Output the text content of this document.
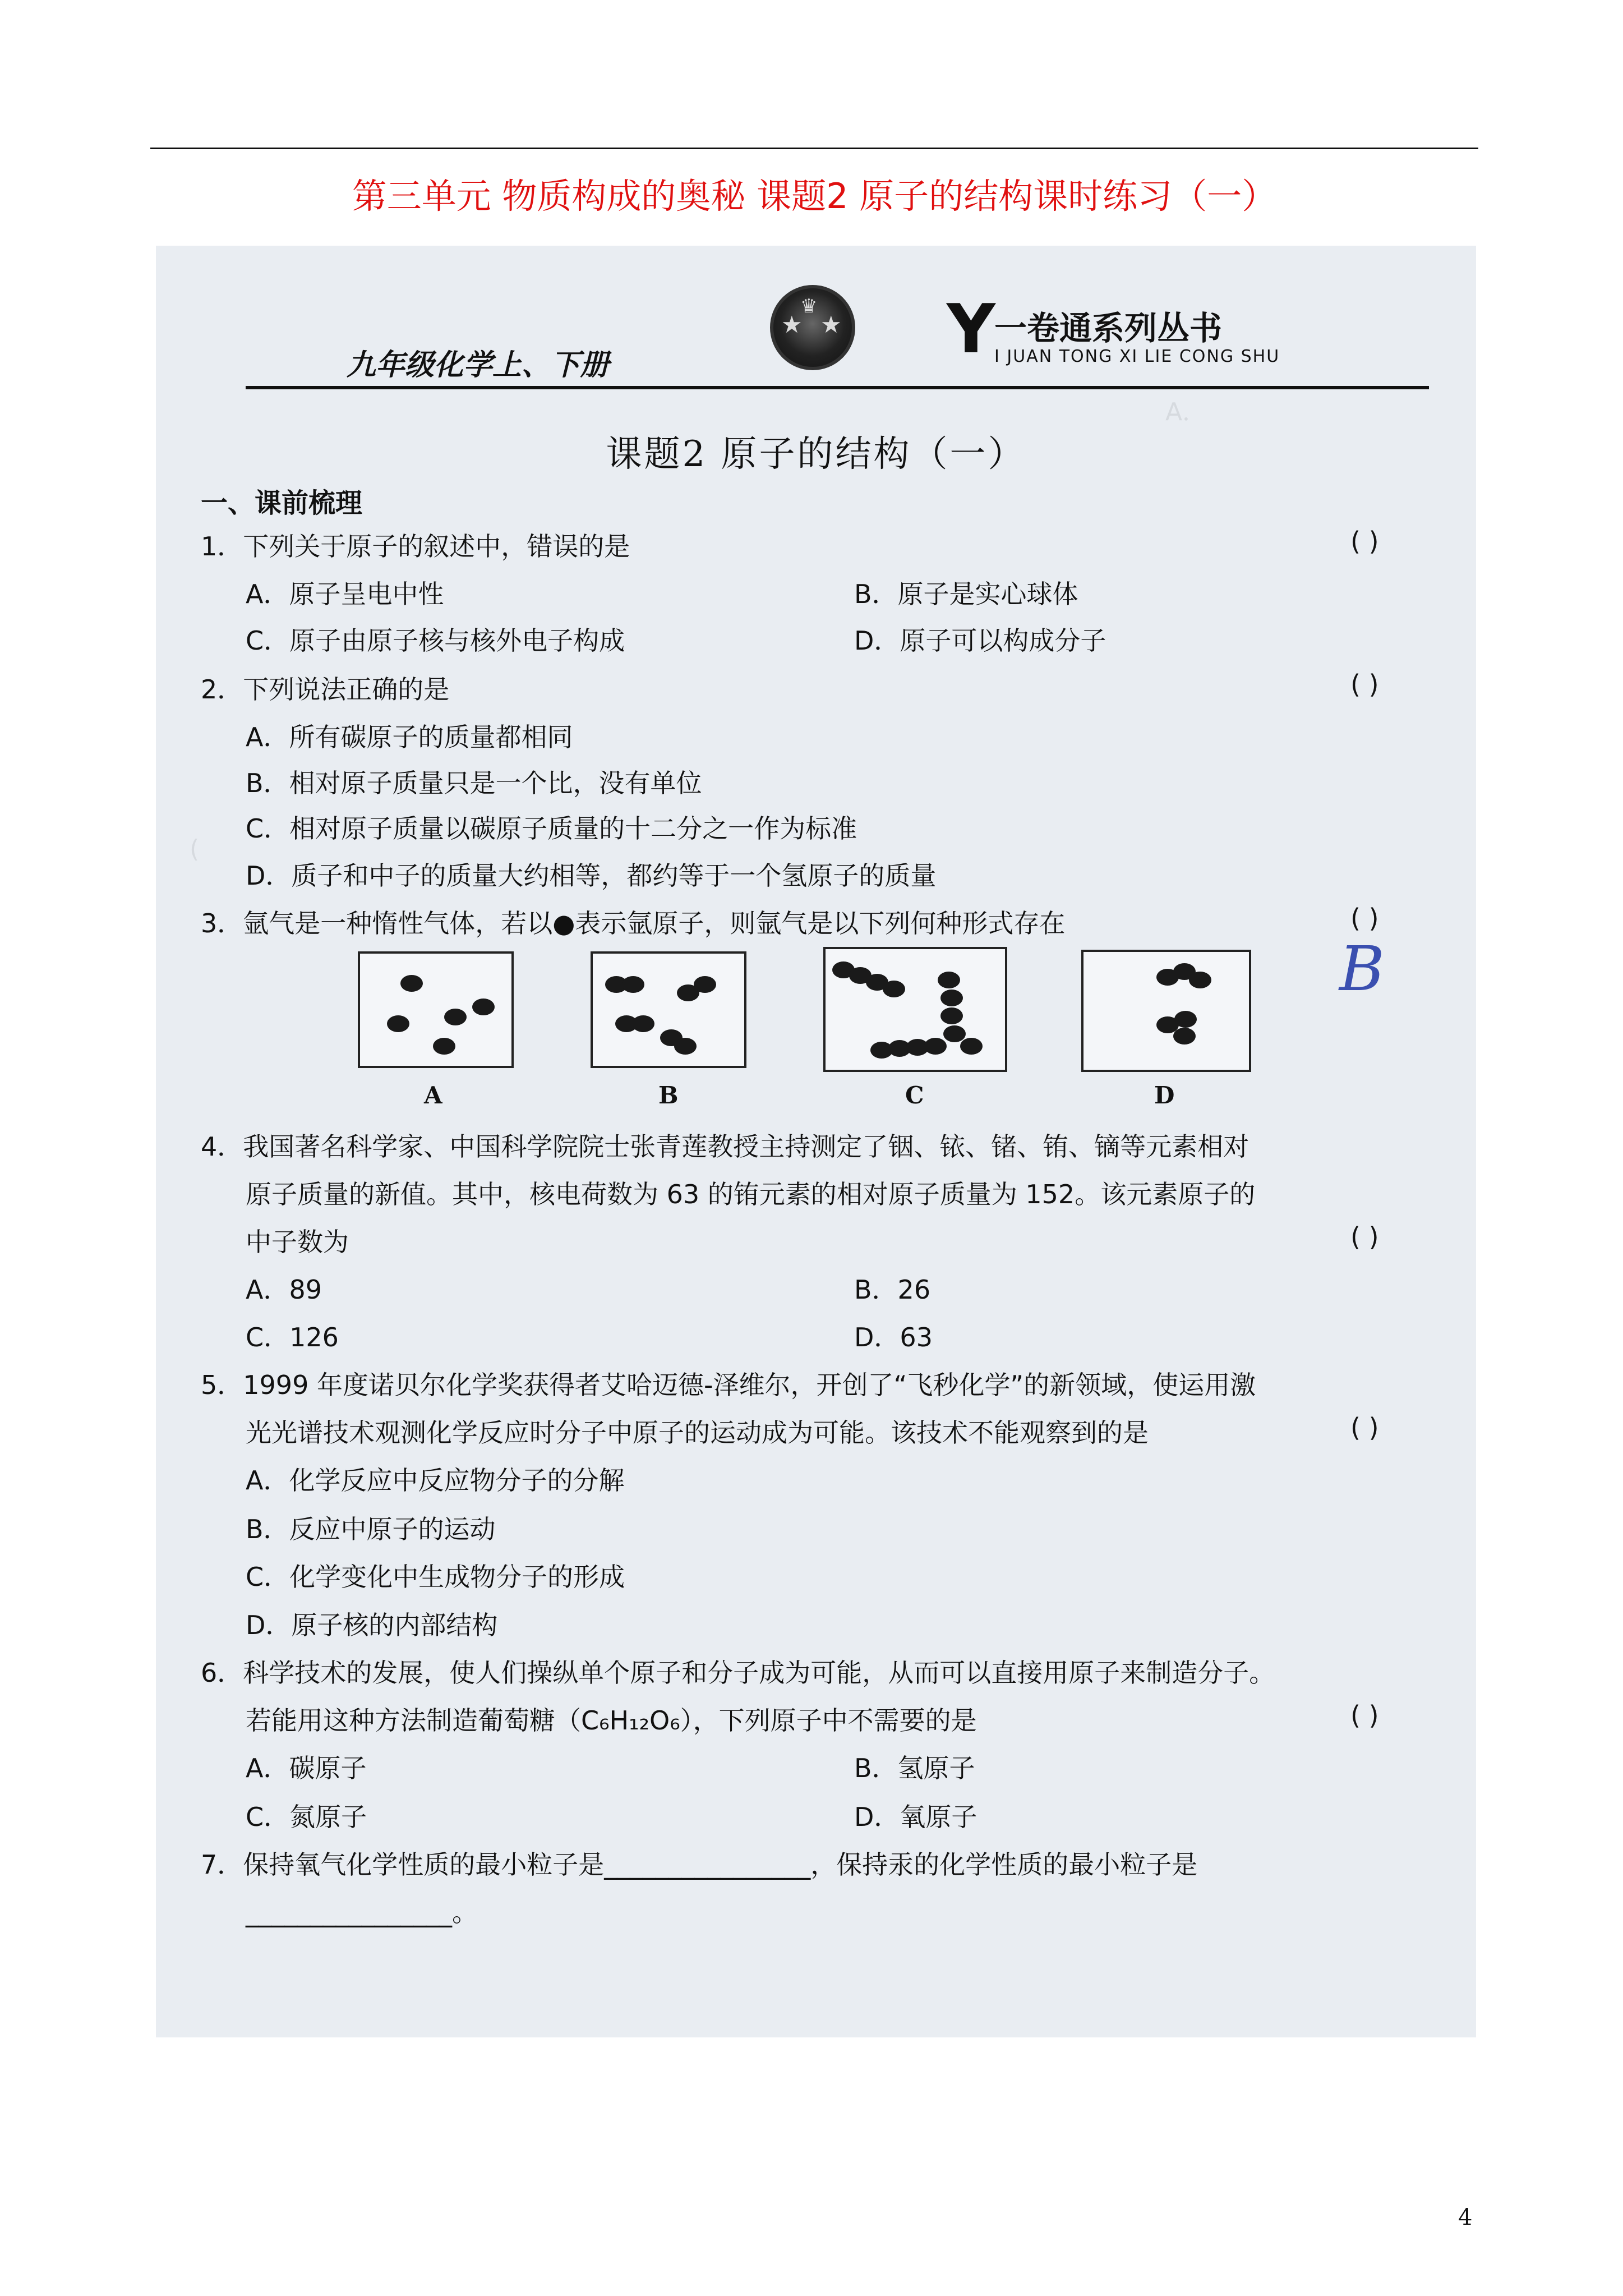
第三单元 物质构成的奥秘 课题2 原子的结构课时练习（一）
A．
(
九年级化学上、下册
★ ★
♛ Y
一卷通系列丛书
I JUAN TONG XI LIE CONG SHU
课题2 原子的结构（一）
一、课前梳理
1．下列关于原子的叙述中，错误的是	( )
A．原子呈电中性	B．原子是实心球体
C．原子由原子核与核外电子构成	D．原子可以构成分子
2．下列说法正确的是	( )
A．所有碳原子的质量都相同
B．相对原子质量只是一个比，没有单位
C．相对原子质量以碳原子质量的十二分之一作为标准
D．质子和中子的质量大约相等，都约等于一个氢原子的质量
3．氩气是一种惰性气体，若以●表示氩原子，则氩气是以下列何种形式存在	( )
B
A	B	C	D
4．我国著名科学家、中国科学院院士张青莲教授主持测定了铟、铱、锗、铕、镝等元素相对
原子质量的新值。其中，核电荷数为 63 的铕元素的相对原子质量为 152。该元素原子的
中子数为	( )
A．89	B．26
C．126	D．63
5．1999 年度诺贝尔化学奖获得者艾哈迈德-泽维尔，开创了“飞秒化学”的新领域，使运用激
光光谱技术观测化学反应时分子中原子的运动成为可能。该技术不能观察到的是	( )
A．化学反应中反应物分子的分解
B．反应中原子的运动
C．化学变化中生成物分子的形成
D．原子核的内部结构
6．科学技术的发展，使人们操纵单个原子和分子成为可能，从而可以直接用原子来制造分子。
若能用这种方法制造葡萄糖（C₆H₁₂O₆），下列原子中不需要的是	( )
A．碳原子	B．氢原子
C．氮原子	D．氧原子
7．保持氧气化学性质的最小粒子是________________，保持汞的化学性质的最小粒子是
________________。
4
